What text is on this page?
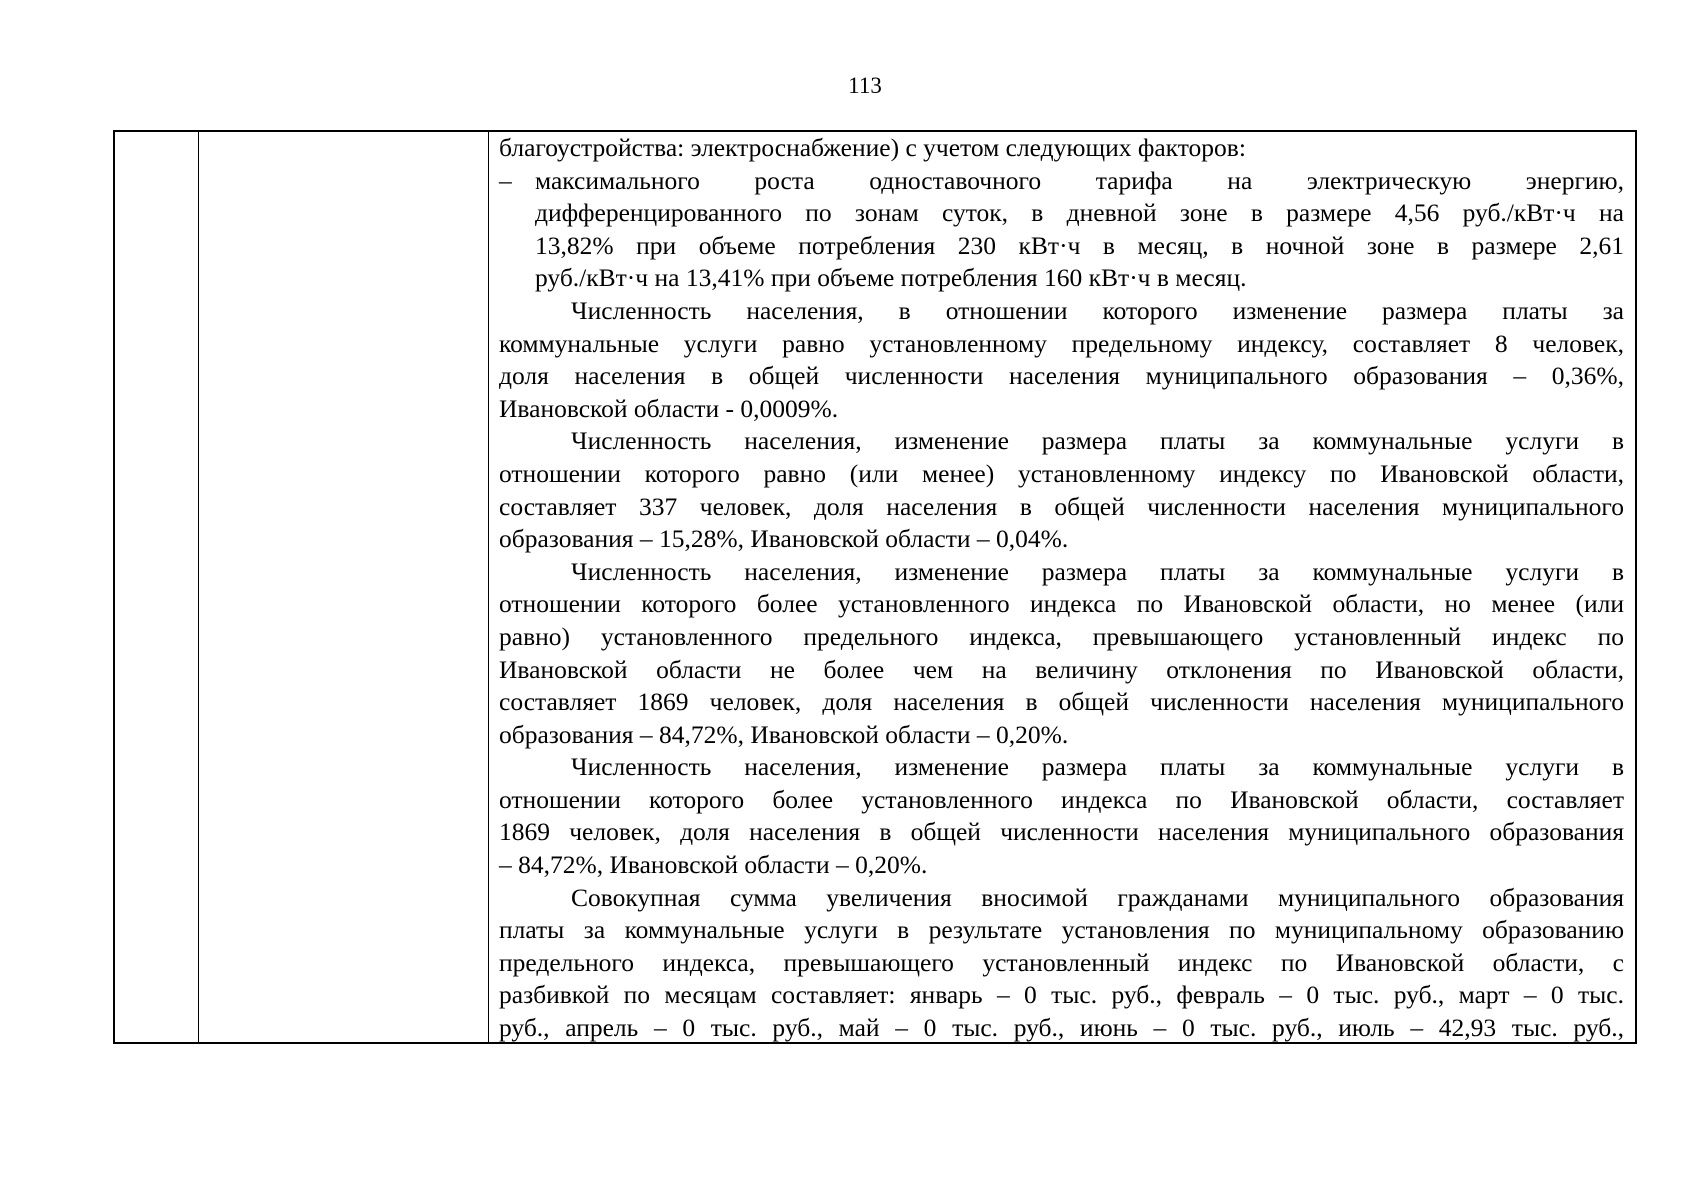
113
благоустройства: электроснабжение) с учетом следующих факторов:
– максимального роста одноставочного тарифа на электрическую энергию,
дифференцированного по зонам суток, в дневной зоне в размере 4,56 руб./кВт·ч на
13,82% при объеме потребления 230 кВт·ч в месяц, в ночной зоне в размере 2,61
руб./кВт·ч на 13,41% при объеме потребления 160 кВт·ч в месяц.
Численность населения, в отношении которого изменение размера платы за
коммунальные услуги равно установленному предельному индексу, составляет 8 человек,
доля населения в общей численности населения муниципального образования – 0,36%,
Ивановской области - 0,0009%.
Численность населения, изменение размера платы за коммунальные услуги в
отношении которого равно (или менее) установленному индексу по Ивановской области,
составляет 337 человек, доля населения в общей численности населения муниципального
образования – 15,28%, Ивановской области – 0,04%.
Численность населения, изменение размера платы за коммунальные услуги в
отношении которого более установленного индекса по Ивановской области, но менее (или
равно) установленного предельного индекса, превышающего установленный индекс по
Ивановской области не более чем на величину отклонения по Ивановской области,
составляет 1869 человек, доля населения в общей численности населения муниципального
образования – 84,72%, Ивановской области – 0,20%.
Численность населения, изменение размера платы за коммунальные услуги в
отношении которого более установленного индекса по Ивановской области, составляет
1869 человек, доля населения в общей численности населения муниципального образования
– 84,72%, Ивановской области – 0,20%.
Совокупная сумма увеличения вносимой гражданами муниципального образования
платы за коммунальные услуги в результате установления по муниципальному образованию
предельного индекса, превышающего установленный индекс по Ивановской области, с
разбивкой по месяцам составляет: январь – 0 тыс. руб., февраль – 0 тыс. руб., март – 0 тыс.
руб., апрель – 0 тыс. руб., май – 0 тыс. руб., июнь – 0 тыс. руб., июль – 42,93 тыс. руб.,
